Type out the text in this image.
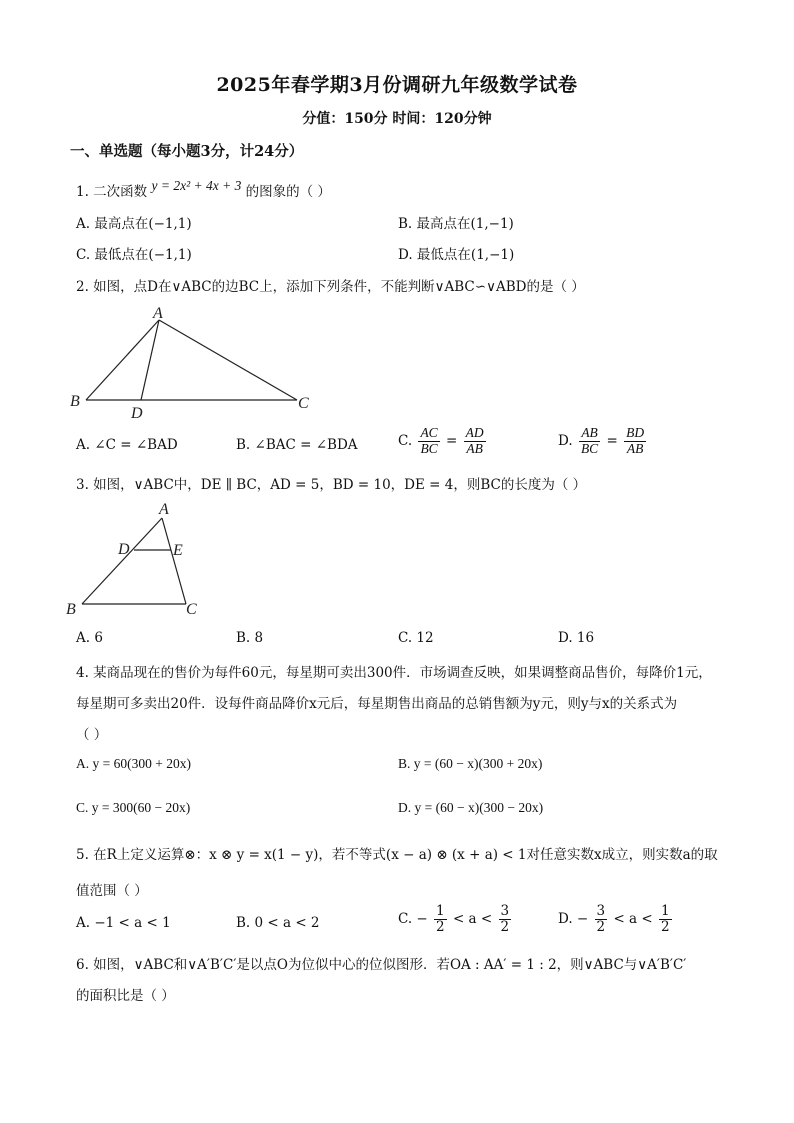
2025年春学期3月份调研九年级数学试卷
分值：150分 时间：120分钟
一、单选题（每小题3分，计24分）
1. 二次函数 y = 2x² + 4x + 3 的图象的（ ）
A. 最高点在(−1,1)	B. 最高点在(1,−1)
C. 最低点在(−1,1)	D. 最低点在(1,−1)
2. 如图，点D在∨ABC的边BC上，添加下列条件，不能判断∨ABC∽∨ABD的是（ ）
A
B	C
D
A. ∠C = ∠BAD	B. ∠BAC = ∠BDA	C. $\frac{AC}{BC} = \frac{AD}{AB}$	D. $\frac{AB}{BC} = \frac{BD}{AB}$
3. 如图，∨ABC中，DE ∥ BC，AD = 5，BD = 10，DE = 4，则BC的长度为（ ）
A
B	C
D	E
A. 6	B. 8	C. 12	D. 16
4. 某商品现在的售价为每件60元，每星期可卖出300件．市场调查反映，如果调整商品售价，每降价1元，
每星期可多卖出20件．设每件商品降价x元后，每星期售出商品的总销售额为y元，则y与x的关系式为
（ ）
A. y = 60(300 + 20x)	B. y = (60 − x)(300 + 20x)
C. y = 300(60 − 20x)	D. y = (60 − x)(300 − 20x)
5. 在R上定义运算⊗：x ⊗ y = x(1 − y)，若不等式(x − a) ⊗ (x + a) < 1对任意实数x成立，则实数a的取
值范围（ ）
A. −1 < a < 1	B. 0 < a < 2	C. − $\frac{1}{2} < a < \frac{3}{2}$	D. − $\frac{3}{2} < a < \frac{1}{2}$
6. 如图，∨ABC和∨A′B′C′是以点O为位似中心的位似图形．若OA : AA′ = 1 : 2，则∨ABC与∨A′B′C′
的面积比是（ ）
